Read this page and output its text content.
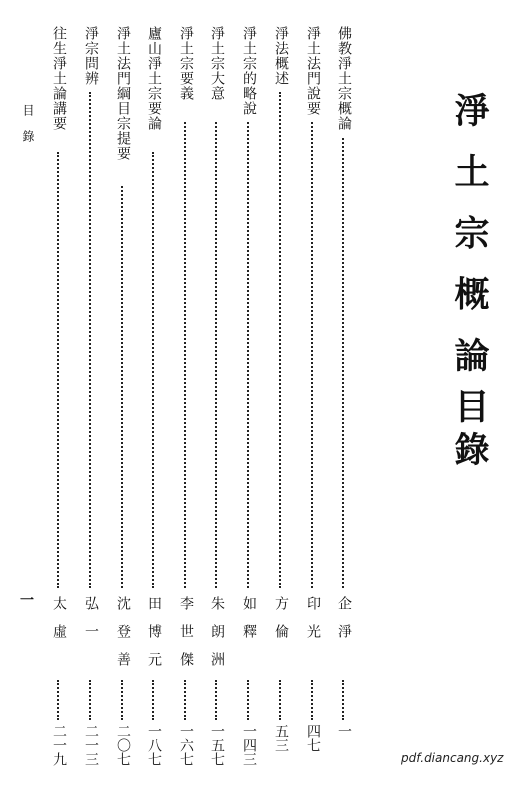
淨土宗概論
目錄
目錄
一
佛教淨土宗概論
企淨
一
淨土法門說要
印光
四七
淨法概述
方倫
五三
淨土宗的略說
如釋
一四三
淨土宗大意
朱朗洲
一五七
淨土宗要義
李世傑
一六七
廬山淨土宗要論
田博元
一八七
淨土法門綱目宗提要
沈登善
二〇七
淨宗問辨
弘一
二一三
往生淨土論講要
太虛
二一九	pdf.diancang.xyz
